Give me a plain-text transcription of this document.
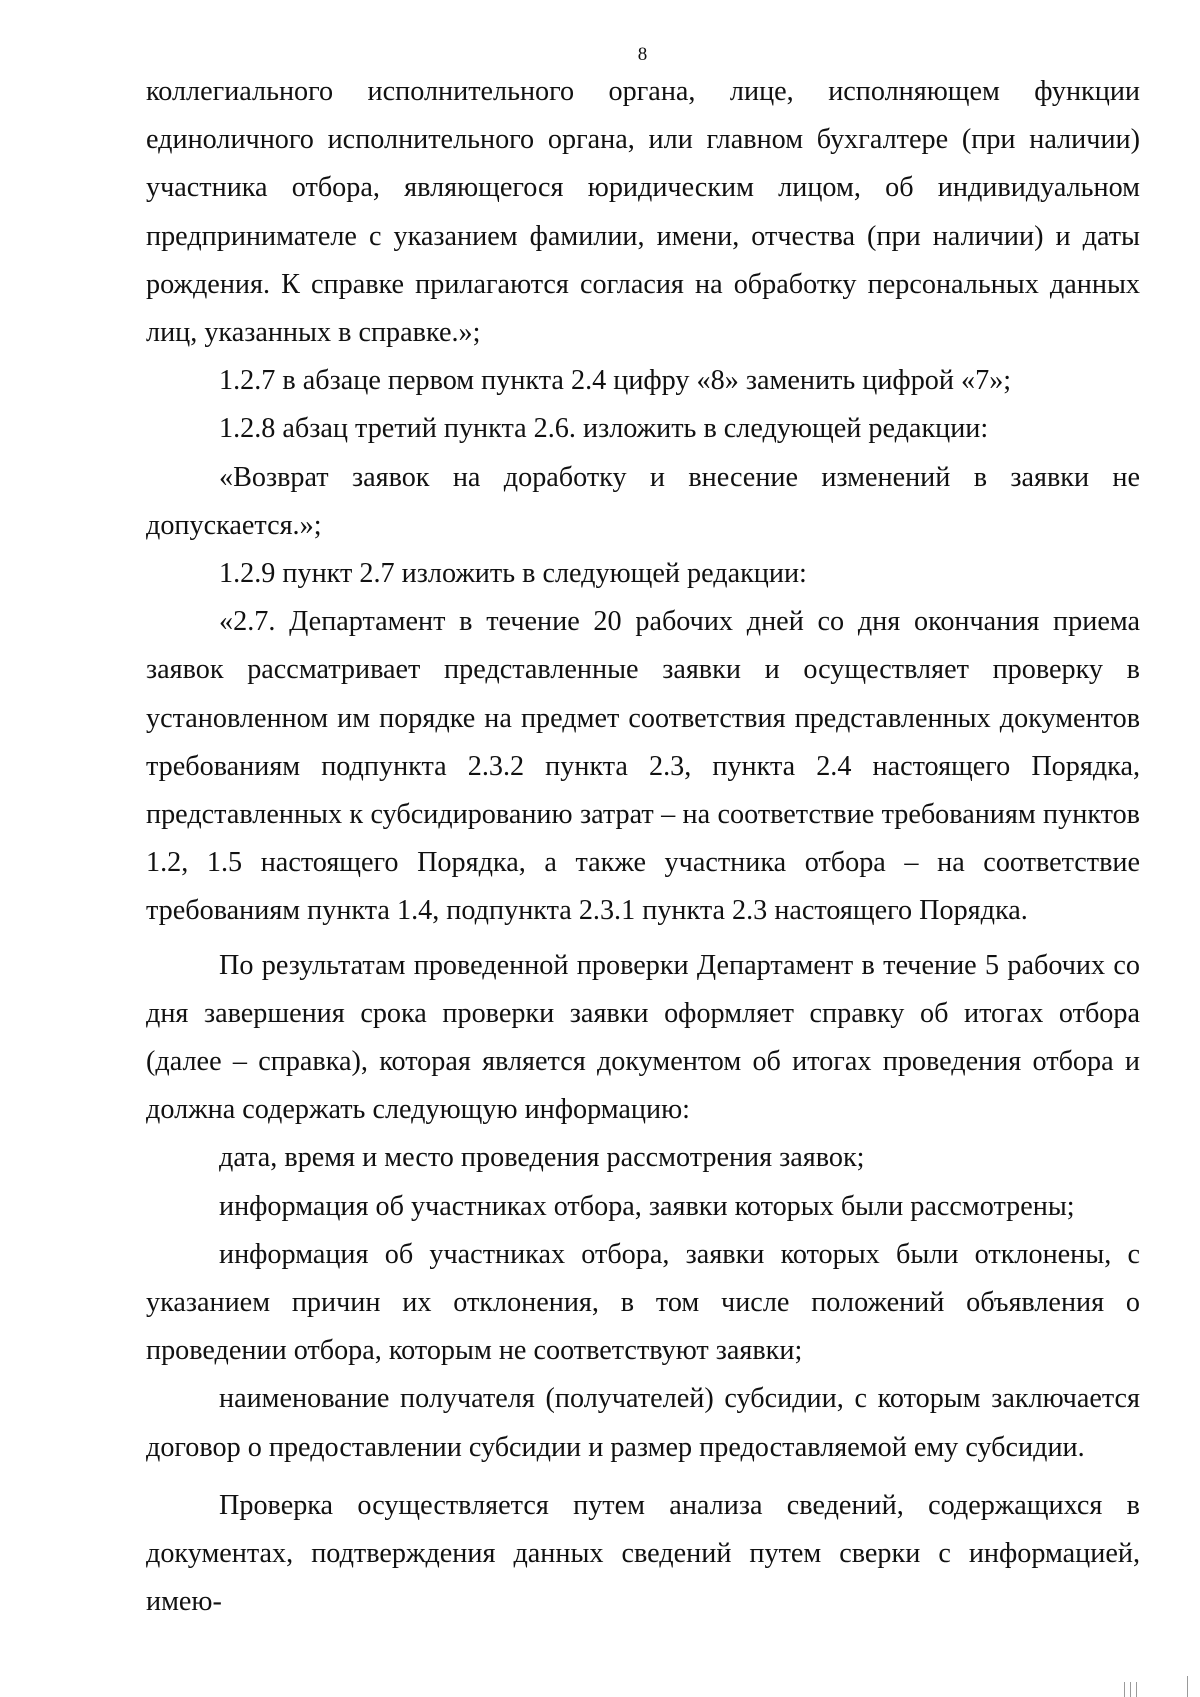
8

коллегиального исполнительного органа, лице, исполняющем функции единоличного исполнительного органа, или главном бухгалтере (при наличии) участника отбора, являющегося юридическим лицом, об индивидуальном предпринимателе с указанием фамилии, имени, отчества (при наличии) и даты рождения. К справке прилагаются согласия на обработку персональных данных лиц, указанных в справке.»;

1.2.7 в абзаце первом пункта 2.4 цифру «8» заменить цифрой «7»;

1.2.8 абзац третий пункта 2.6. изложить в следующей редакции:

«Возврат заявок на доработку и внесение изменений в заявки не допускается.»;

1.2.9 пункт 2.7 изложить в следующей редакции:

«2.7. Департамент в течение 20 рабочих дней со дня окончания приема заявок рассматривает представленные заявки и осуществляет проверку в установленном им порядке на предмет соответствия представленных документов требованиям подпункта 2.3.2 пункта 2.3, пункта 2.4 настоящего Порядка, представленных к субсидированию затрат – на соответствие требованиям пунктов 1.2, 1.5 настоящего Порядка, а также участника отбора – на соответствие требованиям пункта 1.4, подпункта 2.3.1 пункта 2.3 настоящего Порядка.

По результатам проведенной проверки Департамент в течение 5 рабочих со дня завершения срока проверки заявки оформляет справку об итогах отбора (далее – справка), которая является документом об итогах проведения отбора и должна содержать следующую информацию:

дата, время и место проведения рассмотрения заявок;

информация об участниках отбора, заявки которых были рассмотрены;

информация об участниках отбора, заявки которых были отклонены, с указанием причин их отклонения, в том числе положений объявления о проведении отбора, которым не соответствуют заявки;

наименование получателя (получателей) субсидии, с которым заключается договор о предоставлении субсидии и размер предоставляемой ему субсидии.

Проверка осуществляется путем анализа сведений, содержащихся в документах, подтверждения данных сведений путем сверки с информацией, имею-
